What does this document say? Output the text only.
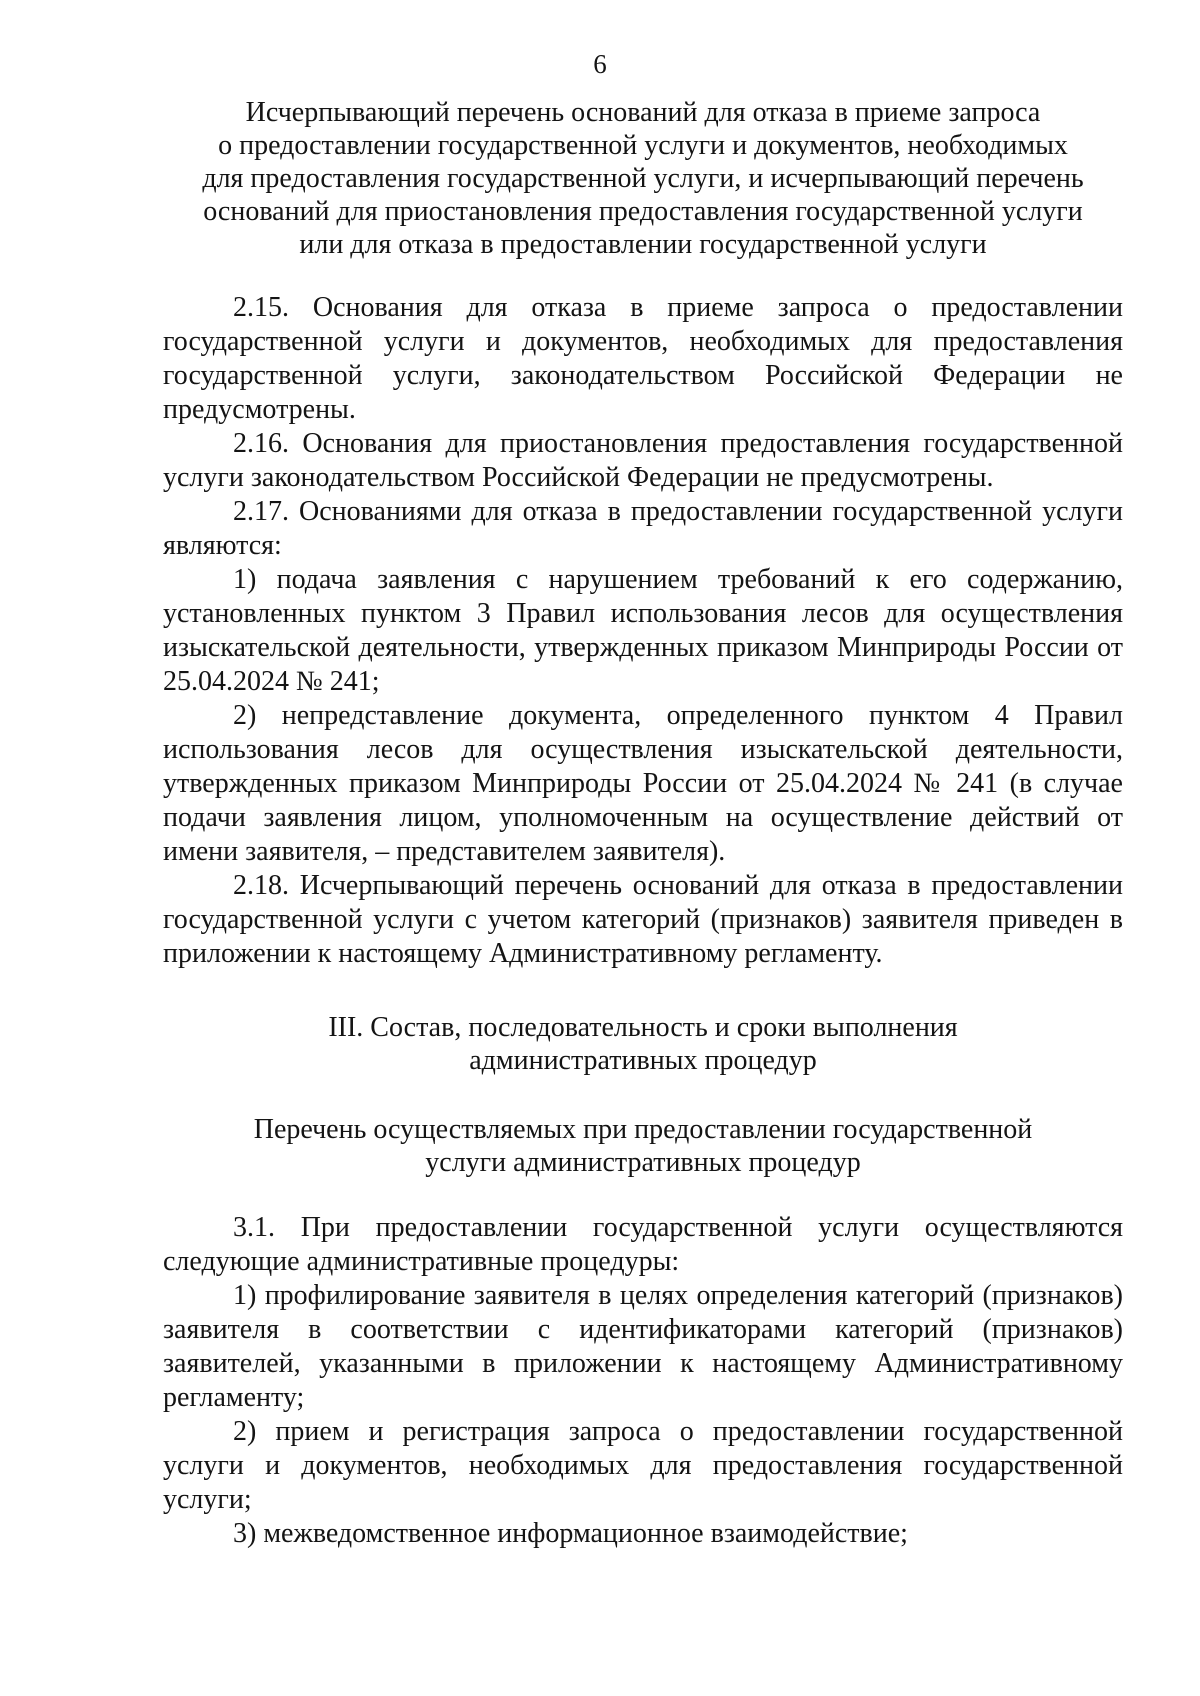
6
Исчерпывающий перечень оснований для отказа в приеме запроса
о предоставлении государственной услуги и документов, необходимых
для предоставления государственной услуги, и исчерпывающий перечень
оснований для приостановления предоставления государственной услуги
или для отказа в предоставлении государственной услуги

2.15. Основания для отказа в приеме запроса о предоставлении государственной услуги и документов, необходимых для предоставления государственной услуги, законодательством Российской Федерации не предусмотрены.

2.16. Основания для приостановления предоставления государственной услуги законодательством Российской Федерации не предусмотрены.

2.17. Основаниями для отказа в предоставлении государственной услуги являются:

1) подача заявления с нарушением требований к его содержанию, установленных пунктом 3 Правил использования лесов для осуществления изыскательской деятельности, утвержденных приказом Минприроды России от 25.04.2024 № 241;

2) непредставление документа, определенного пунктом 4 Правил использования лесов для осуществления изыскательской деятельности, утвержденных приказом Минприроды России от 25.04.2024 № 241 (в случае подачи заявления лицом, уполномоченным на осуществление действий от имени заявителя, – представителем заявителя).

2.18. Исчерпывающий перечень оснований для отказа в предоставлении государственной услуги с учетом категорий (признаков) заявителя приведен в приложении к настоящему Административному регламенту.

III. Состав, последовательность и сроки выполнения
административных процедур
Перечень осуществляемых при предоставлении государственной
услуги административных процедур

3.1. При предоставлении государственной услуги осуществляются следующие административные процедуры:

1) профилирование заявителя в целях определения категорий (признаков) заявителя в соответствии с идентификаторами категорий (признаков) заявителей, указанными в приложении к настоящему Административному регламенту;

2) прием и регистрация запроса о предоставлении государственной услуги и документов, необходимых для предоставления государственной услуги;

3) межведомственное информационное взаимодействие;
